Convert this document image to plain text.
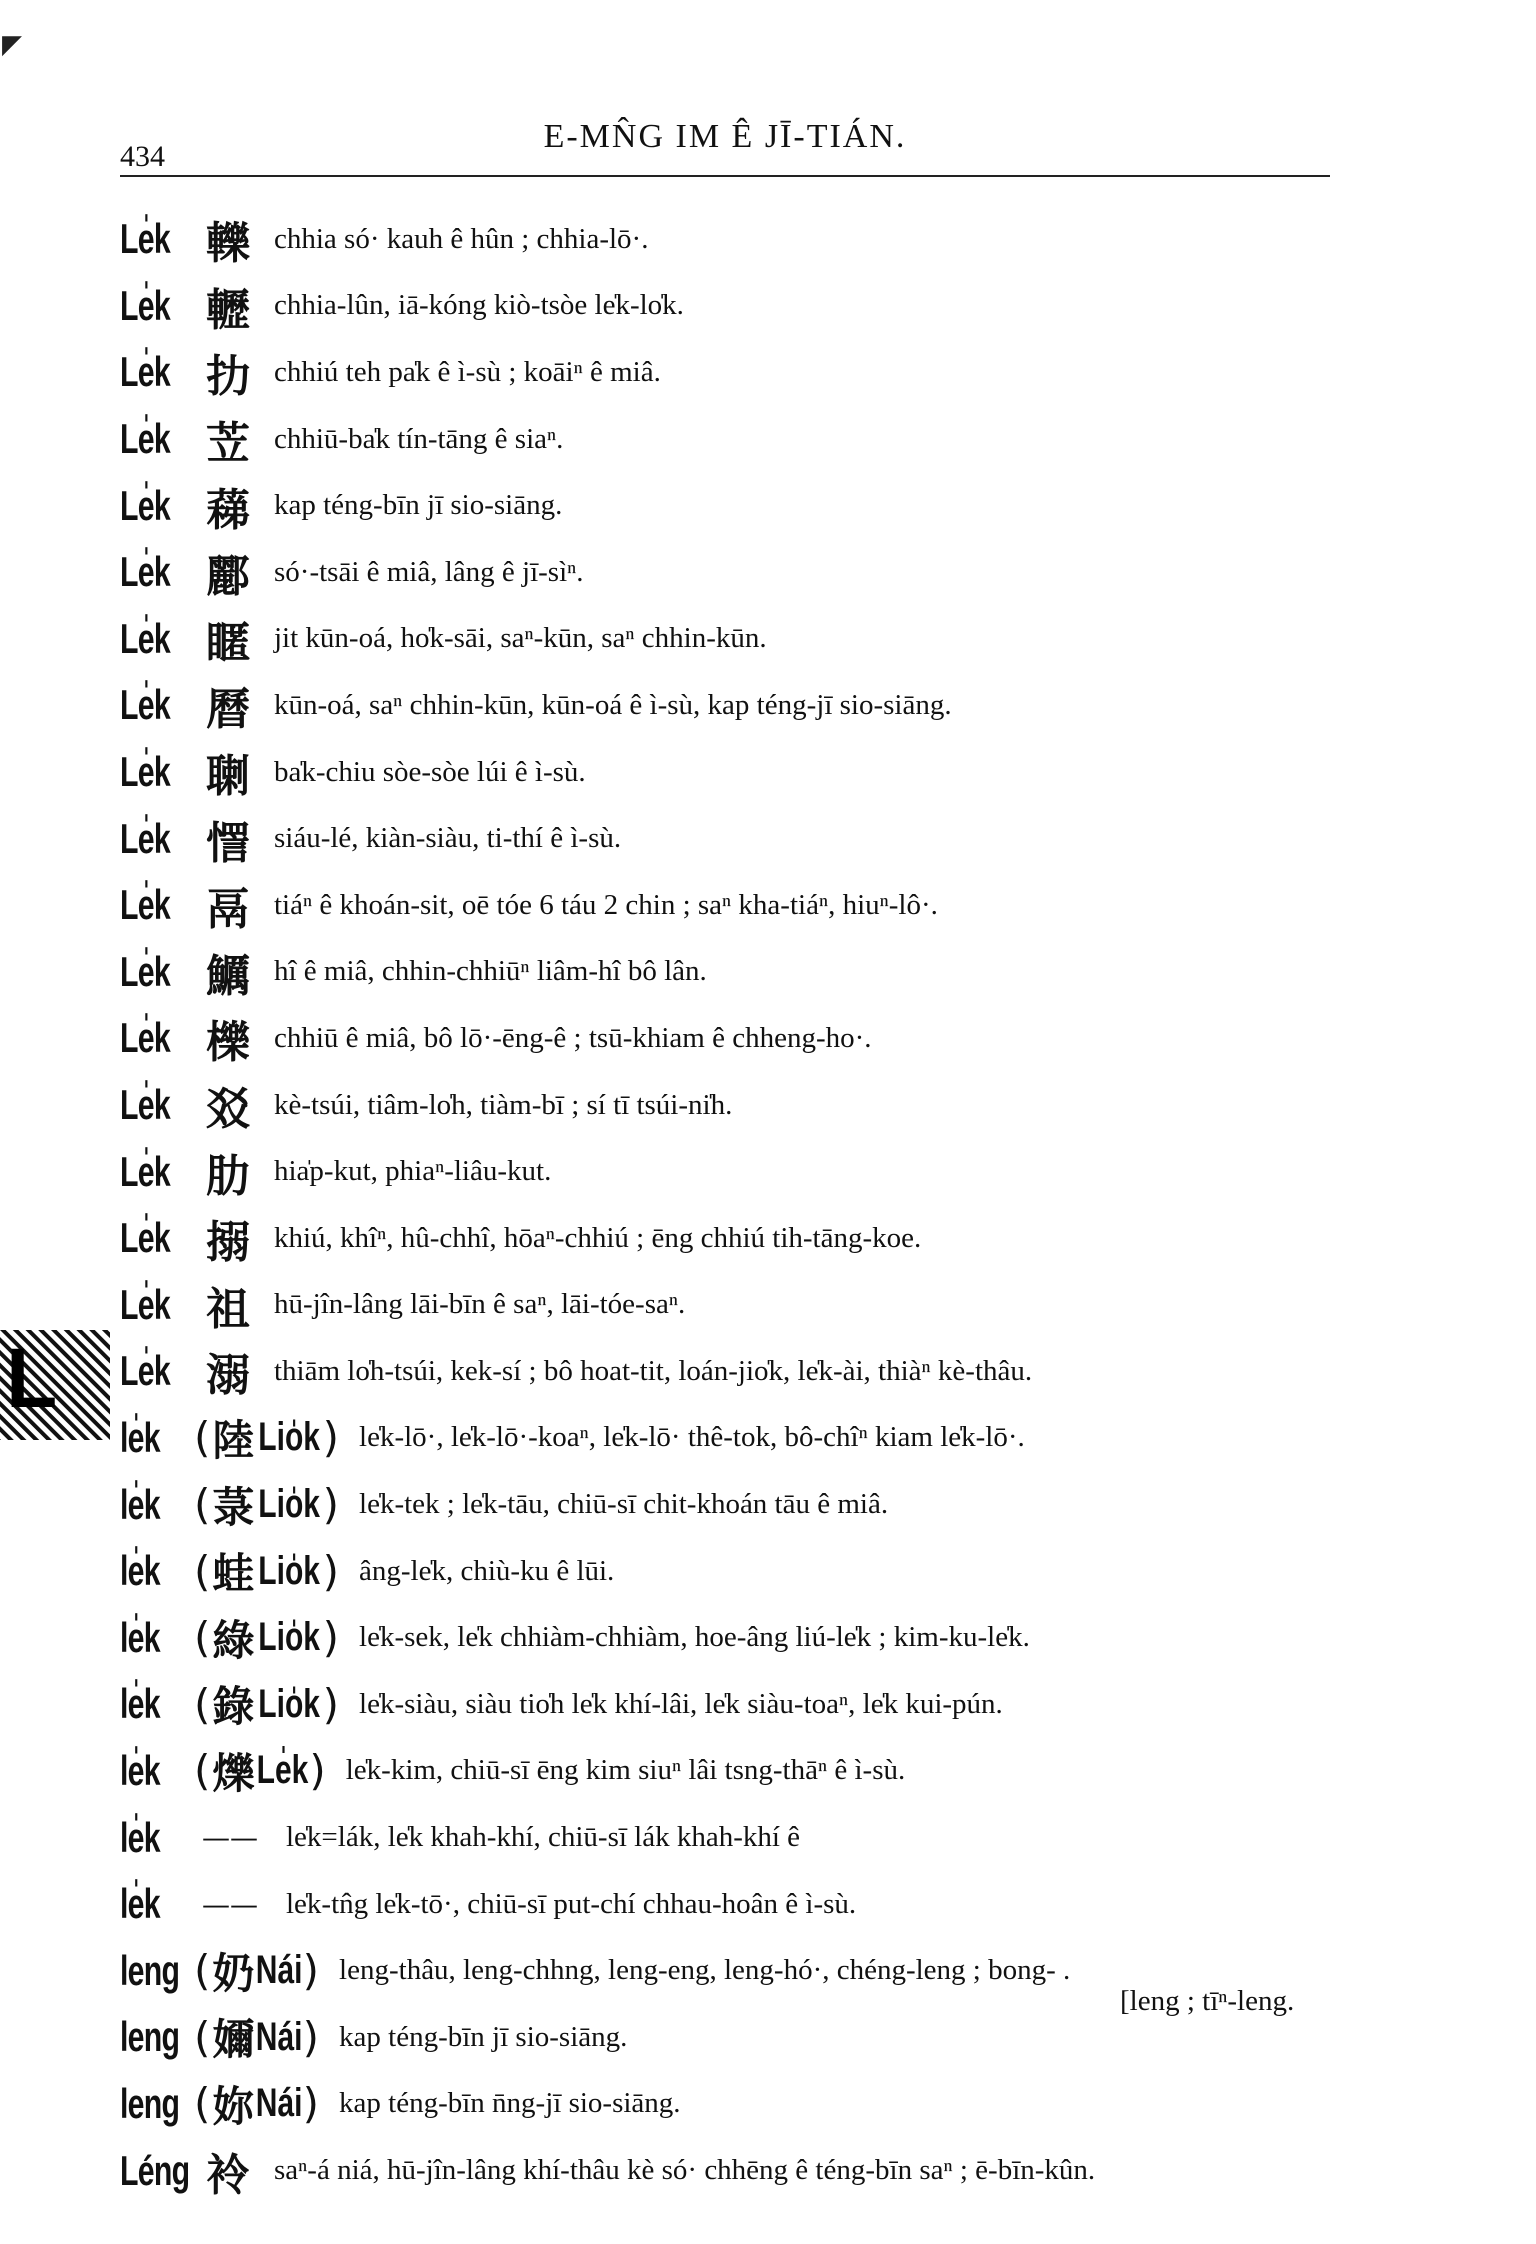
◤
434
E-MN̂G IM Ê JĪ-TIÁN.
L
Le̍k 轢 chhia só· kauh ê hûn ; chhia-lō·.
Le̍k 轣 chhia-lûn, iā-kóng kiò-tsòe le̍k-lo̍k.
Le̍k 扐 chhiú teh pa̍k ê ì-sù ; koāiⁿ ê miâ.
Le̍k 苙 chhiū-ba̍k tín-tāng ê siaⁿ.
Le̍k 蕛 kap téng-bīn jī sio-siāng.
Le̍k 酈 só·-tsāi ê miâ, lâng ê jī-sìⁿ.
Le̍k 䁥 jit kūn-oá, ho̍k-sāi, saⁿ-kūn, saⁿ chhin-kūn.
Le̍k 曆 kūn-oá, saⁿ chhin-kūn, kūn-oá ê ì-sù, kap téng-jī sio-siāng.
Le̍k 䏀 ba̍k-chiu sòe-sòe lúi ê ì-sù.
Le̍k 㦒 siáu-lé, kiàn-siàu, ti-thí ê ì-sù.
Le̍k 鬲 tiáⁿ ê khoán-sit, oē tóe 6 táu 2 chin ; saⁿ kha-tiáⁿ, hiuⁿ-lô·.
Le̍k 鱱 hî ê miâ, chhin-chhiūⁿ liâm-hî bô lân.
Le̍k 櫟 chhiū ê miâ, bô lō·-ēng-ê ; tsū-khiam ê chheng-ho·.
Le̍k 㸚 kè-tsúi, tiâm-lo̍h, tiàm-bī ; sí tī tsúi-ni̍h.
Le̍k 肋 hia̍p-kut, phiaⁿ-liâu-kut.
Le̍k 搦 khiú, khîⁿ, hû-chhî, hōaⁿ-chhiú ; ēng chhiú tih-tāng-koe.
Le̍k 祖 hū-jîn-lâng lāi-bīn ê saⁿ, lāi-tóe-saⁿ.
Le̍k 溺 thiām lo̍h-tsúi, kek-sí ; bô hoat-tit, loán-jio̍k, le̍k-ài, thiàⁿ kè-thâu.
le̍k ( 陸 Lio̍k ) le̍k-lō·, le̍k-lō·-koaⁿ, le̍k-lō· thê-tok, bô-chîⁿ kiam le̍k-lō·.
le̍k ( 菉 Lio̍k ) le̍k-tek ; le̍k-tāu, chiū-sī chit-khoán tāu ê miâ.
le̍k ( 蛙 Lio̍k ) âng-le̍k, chiù-ku ê lūi.
le̍k ( 綠 Lio̍k ) le̍k-sek, le̍k chhiàm-chhiàm, hoe-âng liú-le̍k ; kim-ku-le̍k.
le̍k ( 錄 Lio̍k ) le̍k-siàu, siàu tio̍h le̍k khí-lâi, le̍k siàu-toaⁿ, le̍k kui-pún.
le̍k ( 爍 Le̍k ) le̍k-kim, chiū-sī ēng kim siuⁿ lâi tsng-thāⁿ ê ì-sù.
le̍k	—— le̍k=lák, le̍k khah-khí, chiū-sī lák khah-khí ê
le̍k	—— le̍k-tn̂g le̍k-tō·, chiū-sī put-chí chhau-hoân ê ì-sù.
leng ( 奶 Nái ) leng-thâu, leng-chhng, leng-eng, leng-hó·, chéng-leng ; bong- .
[leng ; tīⁿ-leng.
leng ( 嬭 Nái ) kap téng-bīn jī sio-siāng.
leng ( 妳 Nái ) kap téng-bīn n̄ng-jī sio-siāng.
Léng 袊 saⁿ-á niá, hū-jîn-lâng khí-thâu kè só· chhēng ê téng-bīn saⁿ ; ē-bīn-kûn.
